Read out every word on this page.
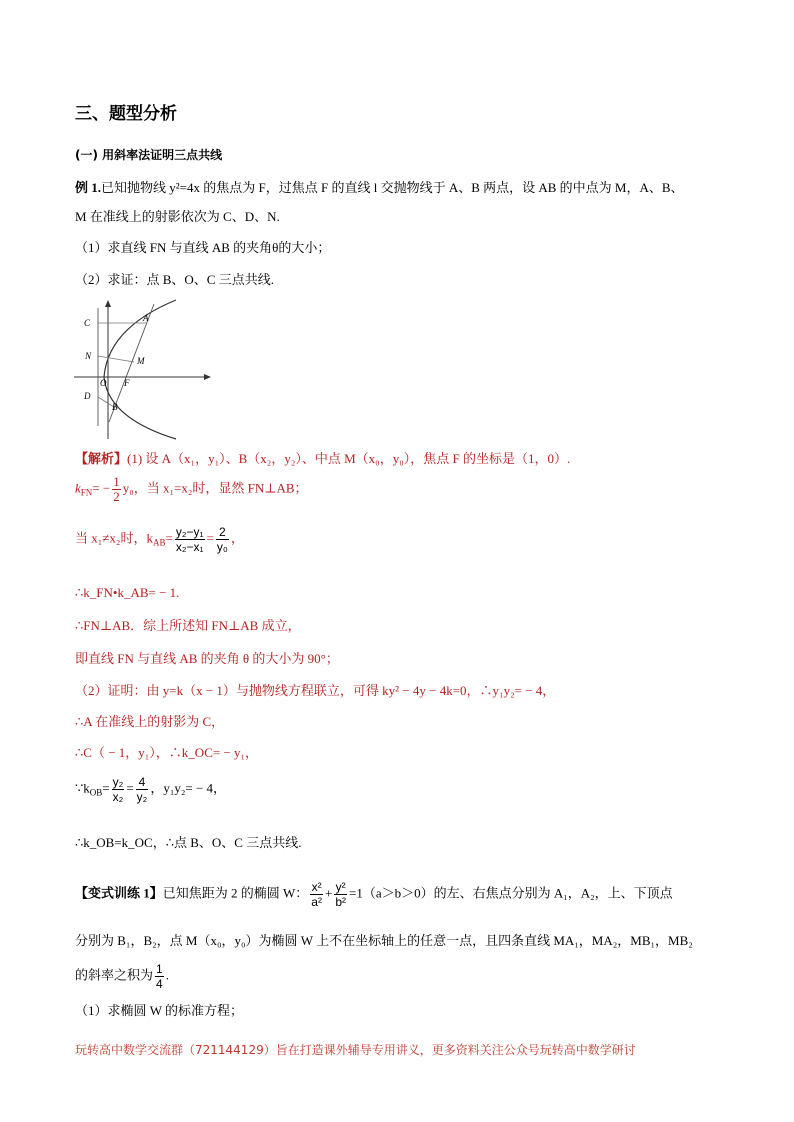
三、题型分析
(一) 用斜率法证明三点共线
例 1.已知抛物线 y²=4x 的焦点为 F，过焦点 F 的直线 l 交抛物线于 A、B 两点，设 AB 的中点为 M，A、B、
M 在准线上的射影依次为 C、D、N.
（1）求直线 FN 与直线 AB 的夹角θ的大小；
（2）求证：点 B、O、C 三点共线.
C	A
N	M
O F
D
B
【解析】(1) 设 A（x₁，y₁）、B（x₂，y₂）、中点 M（x₀，y₀），焦点 F 的坐标是（1，0）.
$k_{FN}= - \frac{1}{2} y_0$，当 x₁=x₂时，显然 FN⊥AB；
当 x₁≠x₂时，$k_{AB}= \frac{\text{y₂−y₁}}{\text{x₂−x₁}} = \frac{2}{\text{y₀}}$ ，
∴k_FN•k_AB= − 1.
∴FN⊥AB．综上所述知 FN⊥AB 成立，
即直线 FN 与直线 AB 的夹角 θ 的大小为 90°；
（2）证明：由 y=k（x − 1）与抛物线方程联立，可得 ky² − 4y − 4k=0，∴y₁y₂= − 4，
∴A 在准线上的射影为 C，
∴C（ − 1，y₁），∴k_OC= − y₁，
$\because k_{OB}= \frac{\text{y₂}}{\text{x₂}} = \frac{4}{\text{y₂}}$ ，y₁y₂= − 4，
∴k_OB=k_OC，∴点 B、O、C 三点共线.
【变式训练 1】已知焦距为 2 的椭圆 W： $\frac{\text{x²}}{\text{a²}} + \frac{\text{y²}}{\text{b²}} =1(a>b>0)$的左、右焦点分别为 A₁，A₂，上、下顶点
分别为 B₁，B₂，点 M（x₀，y₀）为椭圆 W 上不在坐标轴上的任意一点，且四条直线 MA₁，MA₂，MB₁，MB₂
的斜率之积为 $\frac{1}{4}$ .
（1）求椭圆 W 的标准方程；
玩转高中数学交流群（721144129）旨在打造课外辅导专用讲义，更多资料关注公众号玩转高中数学研讨
